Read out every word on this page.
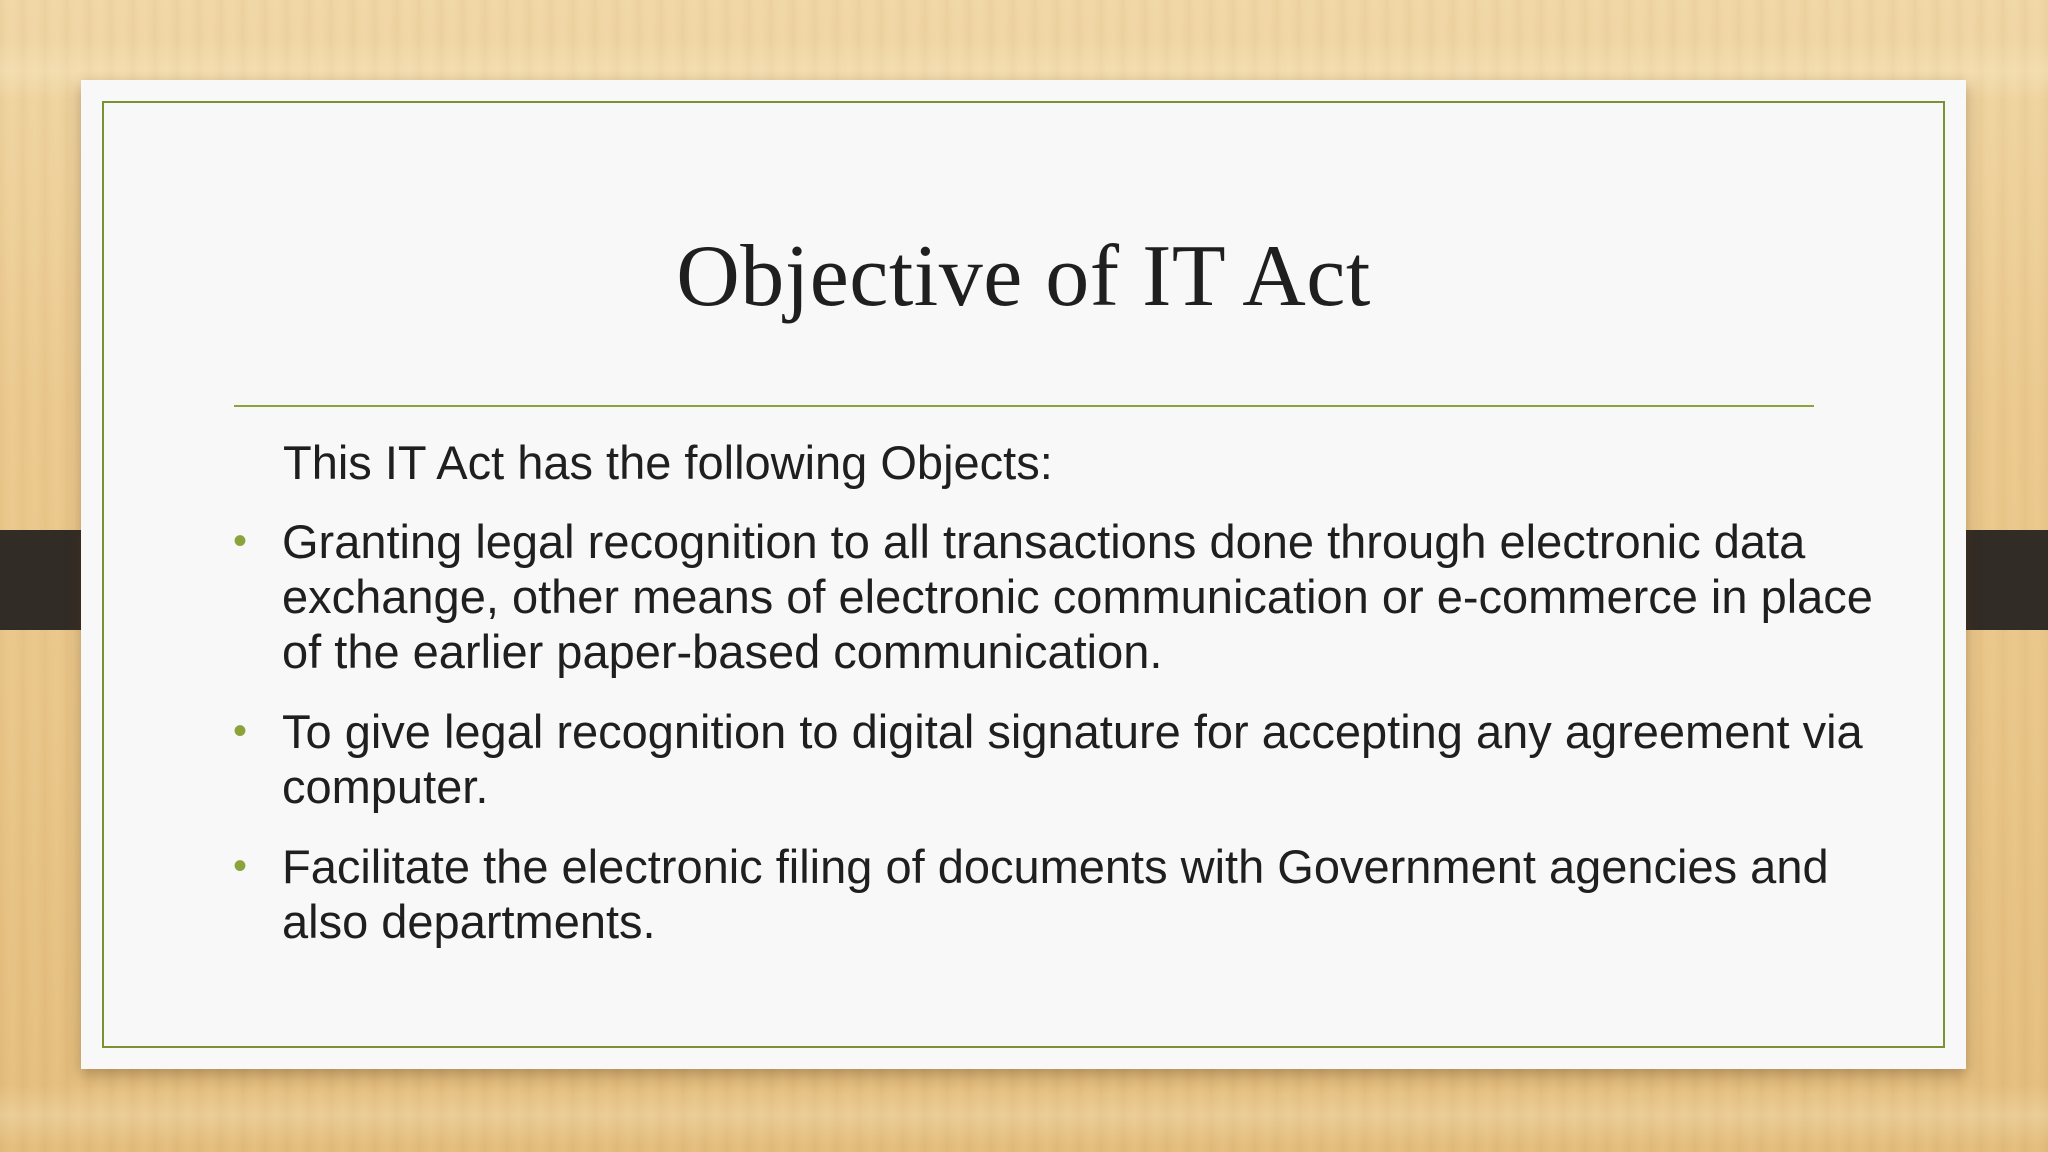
Objective of IT Act
This IT Act has the following Objects:
• Granting legal recognition to all transactions done through electronic data exchange, other means of electronic communication or e-commerce in place of the earlier paper-based communication.
• To give legal recognition to digital signature for accepting any agreement via computer.
• Facilitate the electronic filing of documents with Government agencies and also departments.
